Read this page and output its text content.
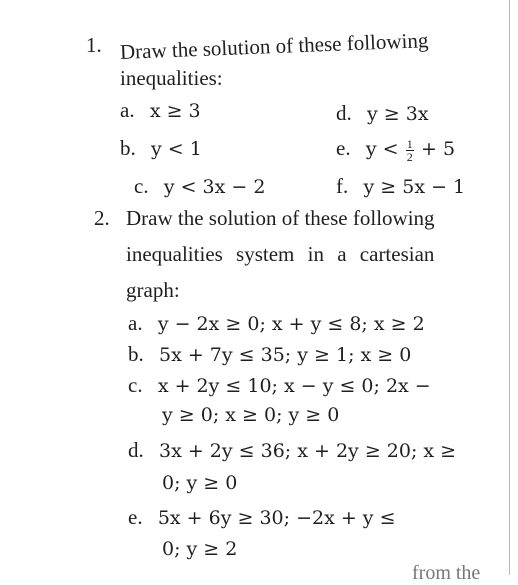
1. Draw the solution of these following
inequalities:
a. x ≥ 3	d. y ≥ 3x
b. y < 1	e. $y < \frac{1}{2} + 5$
c. y < 3x − 2	f. y ≥ 5x − 1
2. Draw the solution of these following
inequalities system in a cartesian
graph:
a. y − 2x ≥ 0; x + y ≤ 8; x ≥ 2
b. 5x + 7y ≤ 35; y ≥ 1; x ≥ 0
c. x + 2y ≤ 10; x − y ≤ 0; 2x −
y ≥ 0; x ≥ 0; y ≥ 0
d. 3x + 2y ≤ 36; x + 2y ≥ 20; x ≥
0; y ≥ 0
e. 5x + 6y ≥ 30; −2x + y ≤
0; y ≥ 2
from the
